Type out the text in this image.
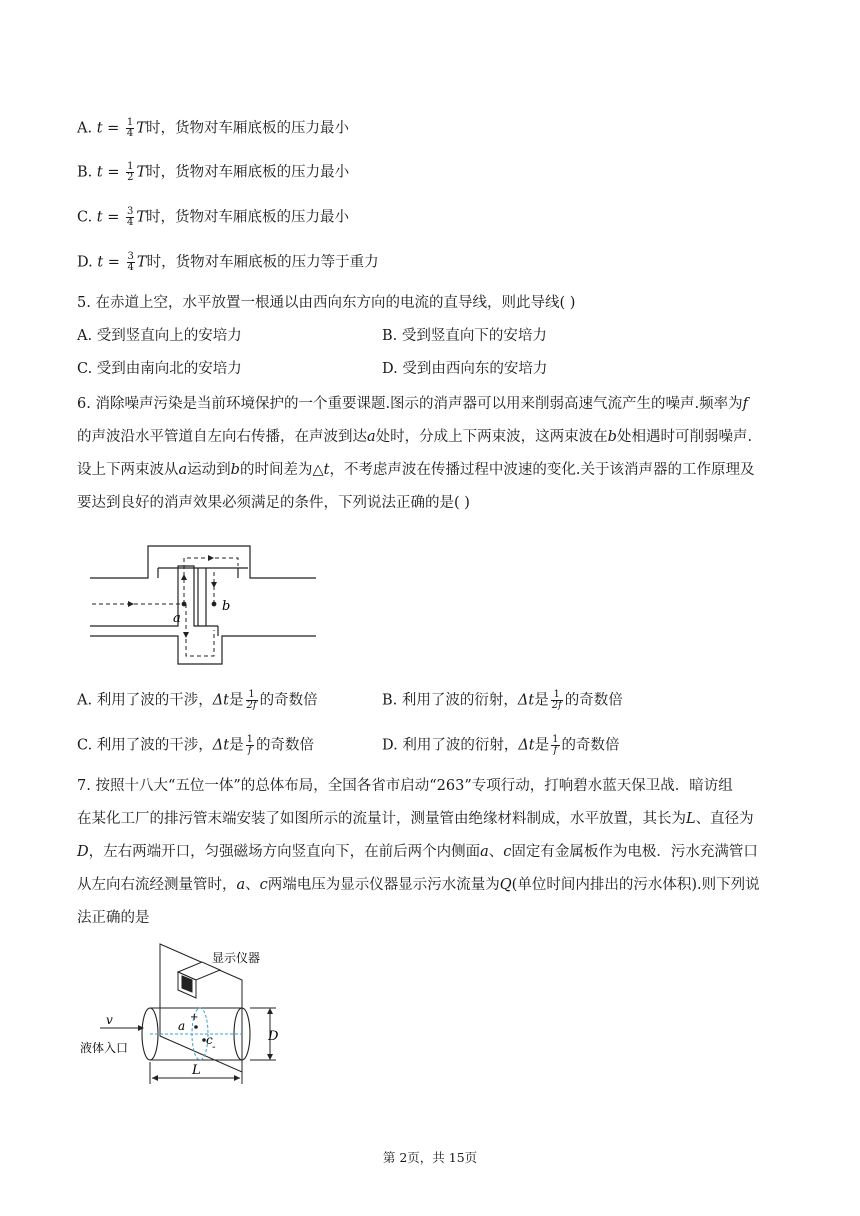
A. $t = \frac{1}{4}$ T时，货物对车厢底板的压力最小
B. $t = \frac{1}{2}$ T时，货物对车厢底板的压力最小
C. $t = \frac{3}{4}$ T时，货物对车厢底板的压力最小
D. $t = \frac{3}{4}$ T时，货物对车厢底板的压力等于重力
5. 在赤道上空，水平放置一根通以由西向东方向的电流的直导线，则此导线( )
A. 受到竖直向上的安培力	B. 受到竖直向下的安培力
C. 受到由南向北的安培力	D. 受到由西向东的安培力
6. 消除噪声污染是当前环境保护的一个重要课题.图示的消声器可以用来削弱高速气流产生的噪声.频率为f
的声波沿水平管道自左向右传播，在声波到达a处时，分成上下两束波，这两束波在b处相遇时可削弱噪声.
设上下两束波从a运动到b的时间差为△t，不考虑声波在传播过程中波速的变化.关于该消声器的工作原理及
要达到良好的消声效果必须满足的条件，下列说法正确的是( )
a
b
A. 利用了波的干涉，Δt是 $\frac{1}{2f}$ 的奇数倍	B. 利用了波的衍射，Δt是 $\frac{1}{2f}$ 的奇数倍
C. 利用了波的干涉，Δt是 $\frac{1}{f}$ 的奇数倍	D. 利用了波的衍射，Δt是 $\frac{1}{f}$ 的奇数倍
7. 按照十八大“五位一体”的总体布局，全国各省市启动“263”专项行动，打响碧水蓝天保卫战．暗访组
在某化工厂的排污管末端安装了如图所示的流量计，测量管由绝缘材料制成，水平放置，其长为L、直径为
D，左右两端开口，匀强磁场方向竖直向下，在前后两个内侧面a、c固定有金属板作为电极．污水充满管口
从左向右流经测量管时，a、c两端电压为显示仪器显示污水流量为Q(单位时间内排出的污水体积).则下列说
法正确的是
显示仪器
v
液体入口
a
+
c
-
D
L
第 2页，共 15页
